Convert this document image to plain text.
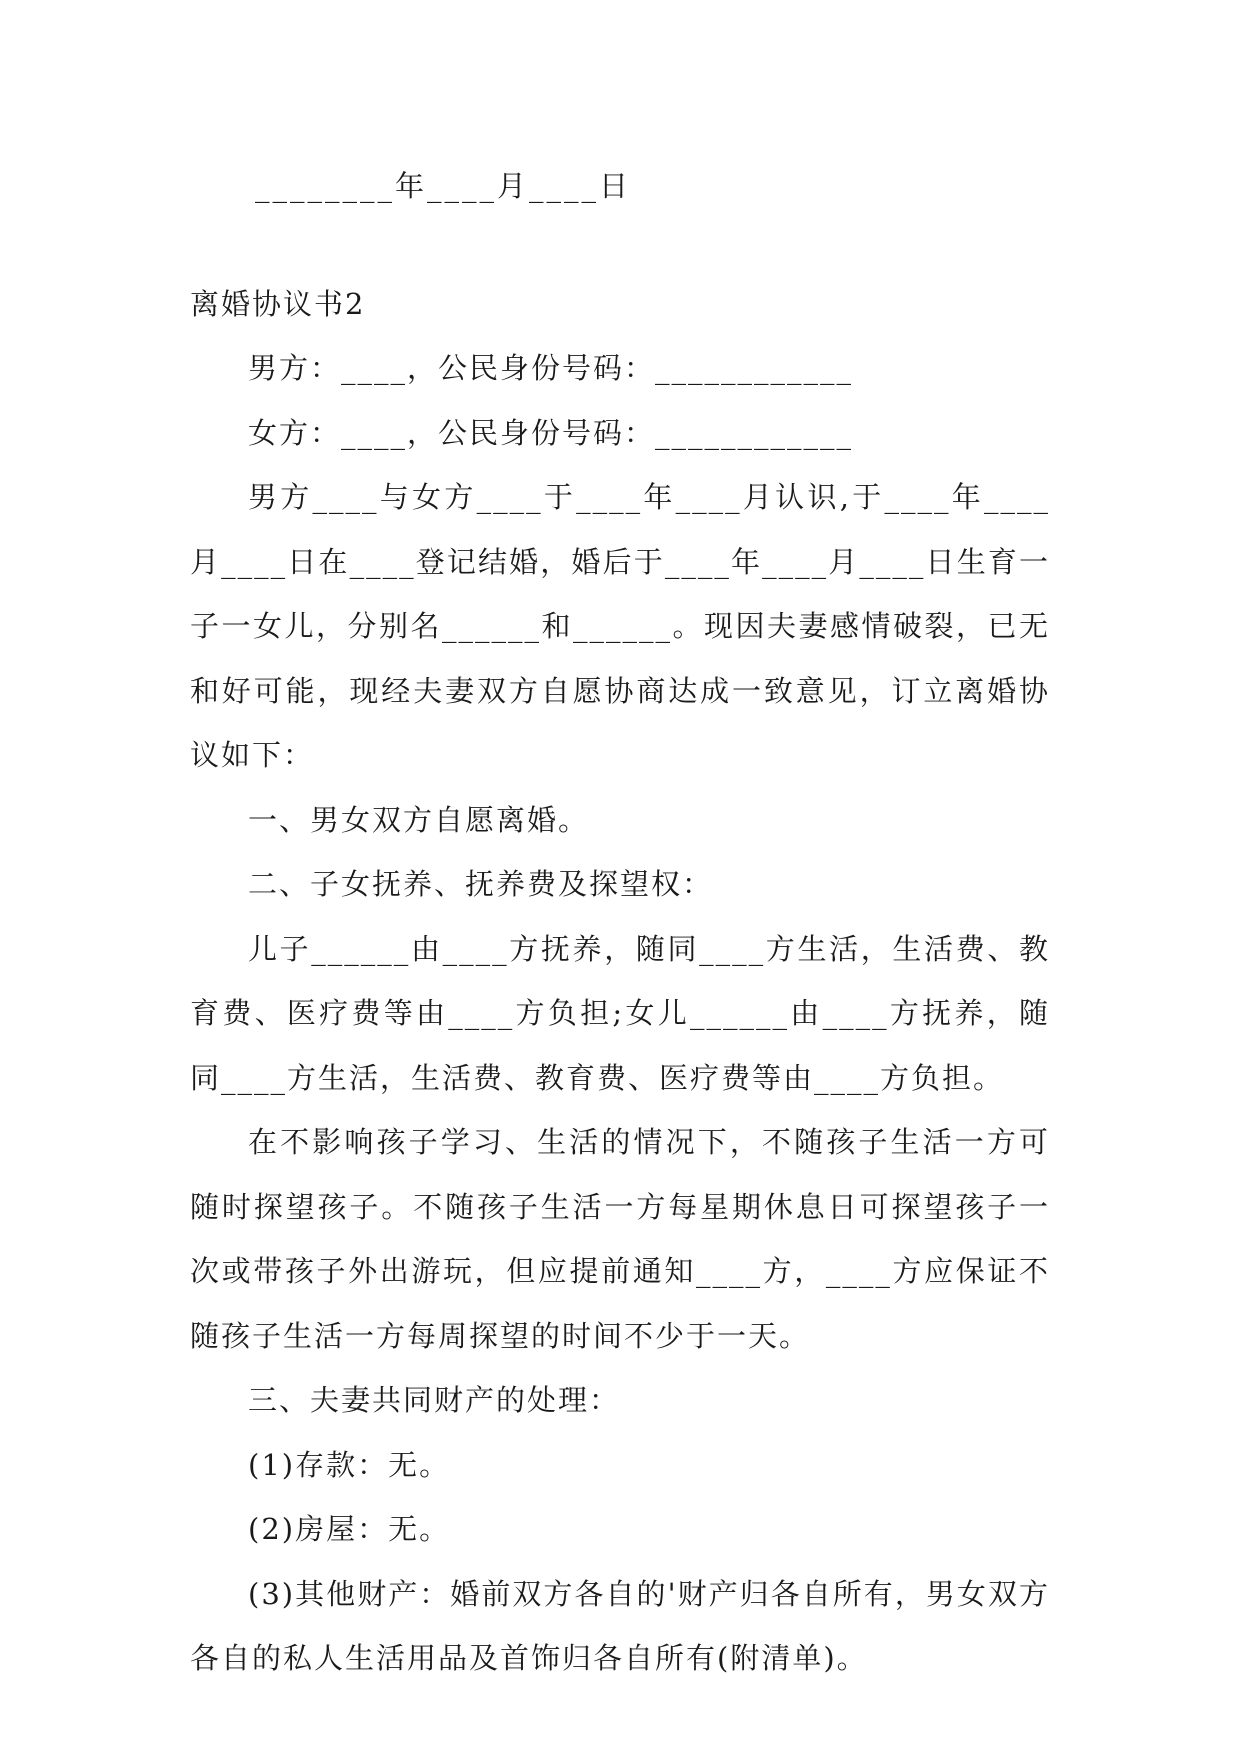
________年____月____日
离婚协议书2

男方：____，公民身份号码：____________

女方：____，公民身份号码：____________

男方____与女方____于____年____月认识,于____年____月____日在____登记结婚，婚后于____年____月____日生育一子一女儿，分别名______和______。现因夫妻感情破裂，已无和好可能，现经夫妻双方自愿协商达成一致意见，订立离婚协议如下：

一、男女双方自愿离婚。

二、子女抚养、抚养费及探望权：

儿子______由____方抚养，随同____方生活，生活费、教育费、医疗费等由____方负担;女儿______由____方抚养，随同____方生活，生活费、教育费、医疗费等由____方负担。

在不影响孩子学习、生活的情况下，不随孩子生活一方可随时探望孩子。不随孩子生活一方每星期休息日可探望孩子一次或带孩子外出游玩，但应提前通知____方，____方应保证不随孩子生活一方每周探望的时间不少于一天。

三、夫妻共同财产的处理：

(1)存款：无。

(2)房屋：无。

(3)其他财产：婚前双方各自的'财产归各自所有，男女双方各自的私人生活用品及首饰归各自所有(附清单)。
